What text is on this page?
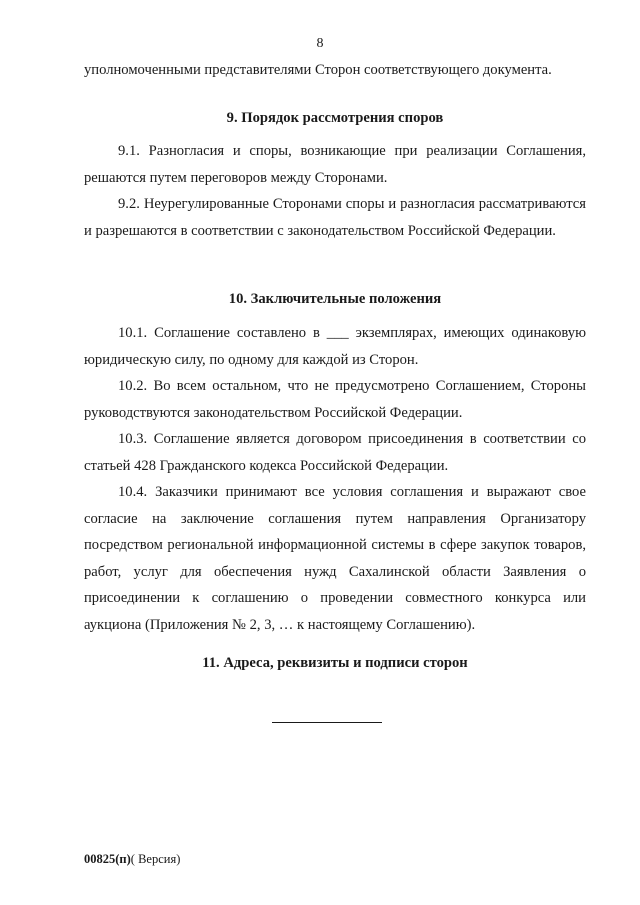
8
уполномоченными представителями Сторон соответствующего документа.
9. Порядок рассмотрения споров

9.1. Разногласия и споры, возникающие при реализации Соглашения, решаются путем переговоров между Сторонами.

9.2. Неурегулированные Сторонами споры и разногласия рассматриваются и разрешаются в соответствии с законодательством Российской Федерации.

10. Заключительные положения

10.1. Соглашение составлено в ___ экземплярах, имеющих одинаковую юридическую силу, по одному для каждой из Сторон.

10.2. Во всем остальном, что не предусмотрено Соглашением, Стороны руководствуются законодательством Российской Федерации.

10.3. Соглашение является договором присоединения в соответствии со статьей 428 Гражданского кодекса Российской Федерации.

10.4. Заказчики принимают все условия соглашения и выражают свое согласие на заключение соглашения путем направления Организатору посредством региональной информационной системы в сфере закупок товаров, работ, услуг для обеспечения нужд Сахалинской области Заявления о присоединении к соглашению о проведении совместного конкурса или аукциона (Приложения № 2, 3, … к настоящему Соглашению).

11. Адреса, реквизиты и подписи сторон
00825(п)( Версия)
